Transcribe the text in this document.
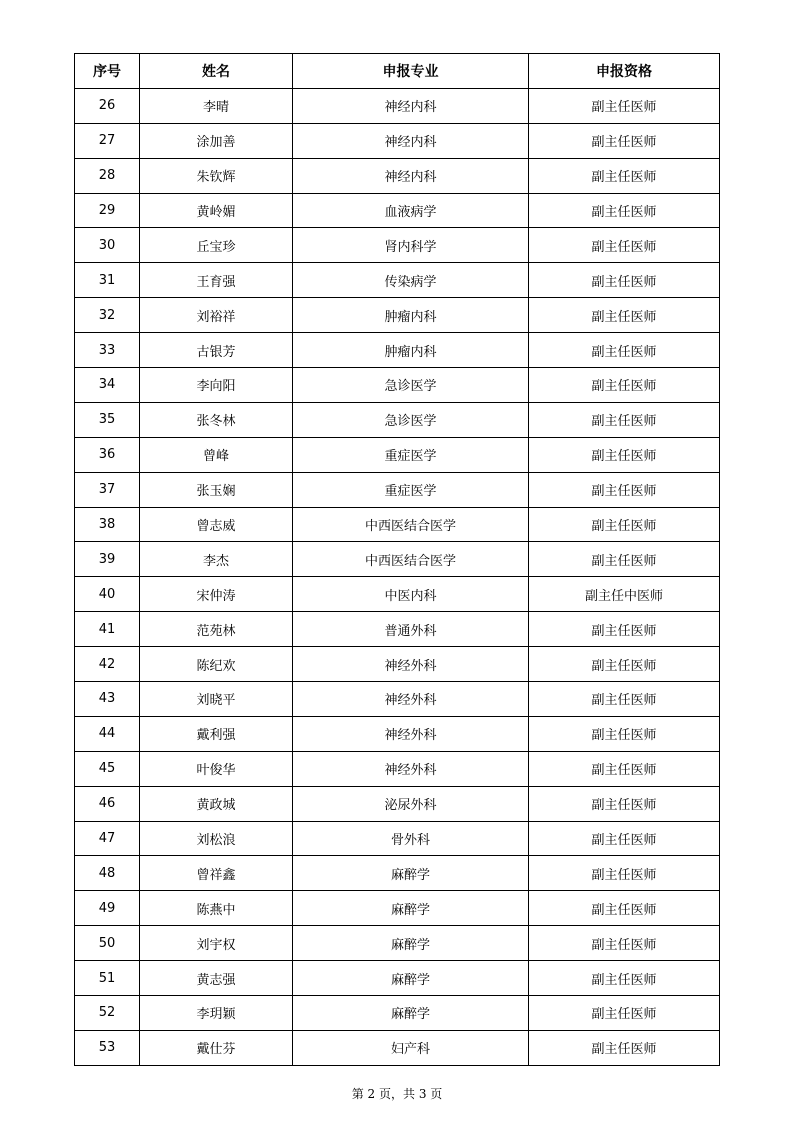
序号	姓名	申报专业	申报资格
26	李晴	神经内科	副主任医师
27	涂加善	神经内科	副主任医师
28	朱钦辉	神经内科	副主任医师
29	黄岭媚	血液病学	副主任医师
30	丘宝珍	肾内科学	副主任医师
31	王育强	传染病学	副主任医师
32	刘裕祥	肿瘤内科	副主任医师
33	古银芳	肿瘤内科	副主任医师
34	李向阳	急诊医学	副主任医师
35	张冬林	急诊医学	副主任医师
36	曾峰	重症医学	副主任医师
37	张玉娴	重症医学	副主任医师
38	曾志威	中西医结合医学	副主任医师
39	李杰	中西医结合医学	副主任医师
40	宋仲涛	中医内科	副主任中医师
41	范苑林	普通外科	副主任医师
42	陈纪欢	神经外科	副主任医师
43	刘晓平	神经外科	副主任医师
44	戴利强	神经外科	副主任医师
45	叶俊华	神经外科	副主任医师
46	黄政城	泌尿外科	副主任医师
47	刘松浪	骨外科	副主任医师
48	曾祥鑫	麻醉学	副主任医师
49	陈燕中	麻醉学	副主任医师
50	刘宇权	麻醉学	副主任医师
51	黄志强	麻醉学	副主任医师
52	李玥颖	麻醉学	副主任医师
53	戴仕芬	妇产科	副主任医师
第 2 页，共 3 页
